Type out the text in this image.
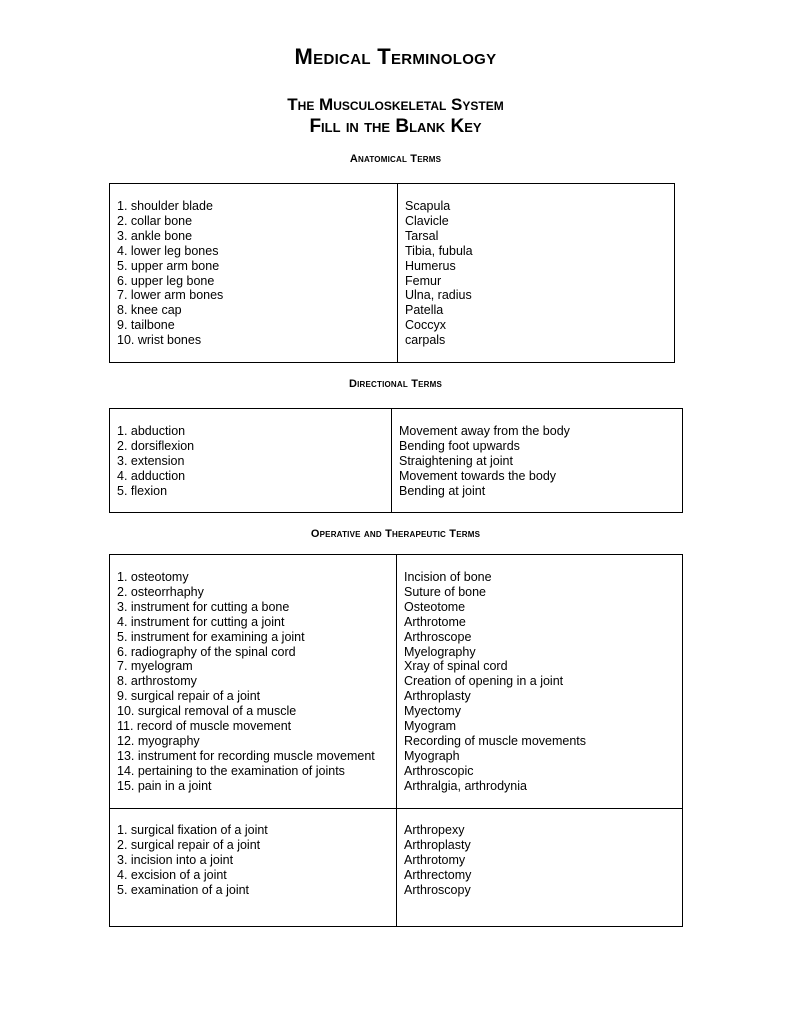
Medical Terminology
The Musculoskeletal System
Fill in the Blank Key
Anatomical Terms
1. shoulder blade
2. collar bone
3. ankle bone
4. lower leg bones
5. upper arm bone
6. upper leg bone
7. lower arm bones
8. knee cap
9. tailbone
10. wrist bones
Scapula
Clavicle
Tarsal
Tibia, fubula
Humerus
Femur
Ulna, radius
Patella
Coccyx
carpals
Directional Terms
1. abduction
2. dorsiflexion
3. extension
4. adduction
5. flexion
Movement away from the body
Bending foot upwards
Straightening at joint
Movement towards the body
Bending at joint
Operative and Therapeutic Terms
1. osteotomy
2. osteorrhaphy
3. instrument for cutting a bone
4. instrument for cutting a joint
5. instrument for examining a joint
6. radiography of the spinal cord
7. myelogram
8. arthrostomy
9. surgical repair of a joint
10. surgical removal of a muscle
11. record of muscle movement
12. myography
13. instrument for recording muscle movement
14. pertaining to the examination of joints
15. pain in a joint
1. surgical fixation of a joint
2. surgical repair of a joint
3. incision into a joint
4. excision of a joint
5. examination of a joint
Incision of bone
Suture of bone
Osteotome
Arthrotome
Arthroscope
Myelography
Xray of spinal cord
Creation of opening in a joint
Arthroplasty
Myectomy
Myogram
Recording of muscle movements
Myograph
Arthroscopic
Arthralgia, arthrodynia
Arthropexy
Arthroplasty
Arthrotomy
Arthrectomy
Arthroscopy
